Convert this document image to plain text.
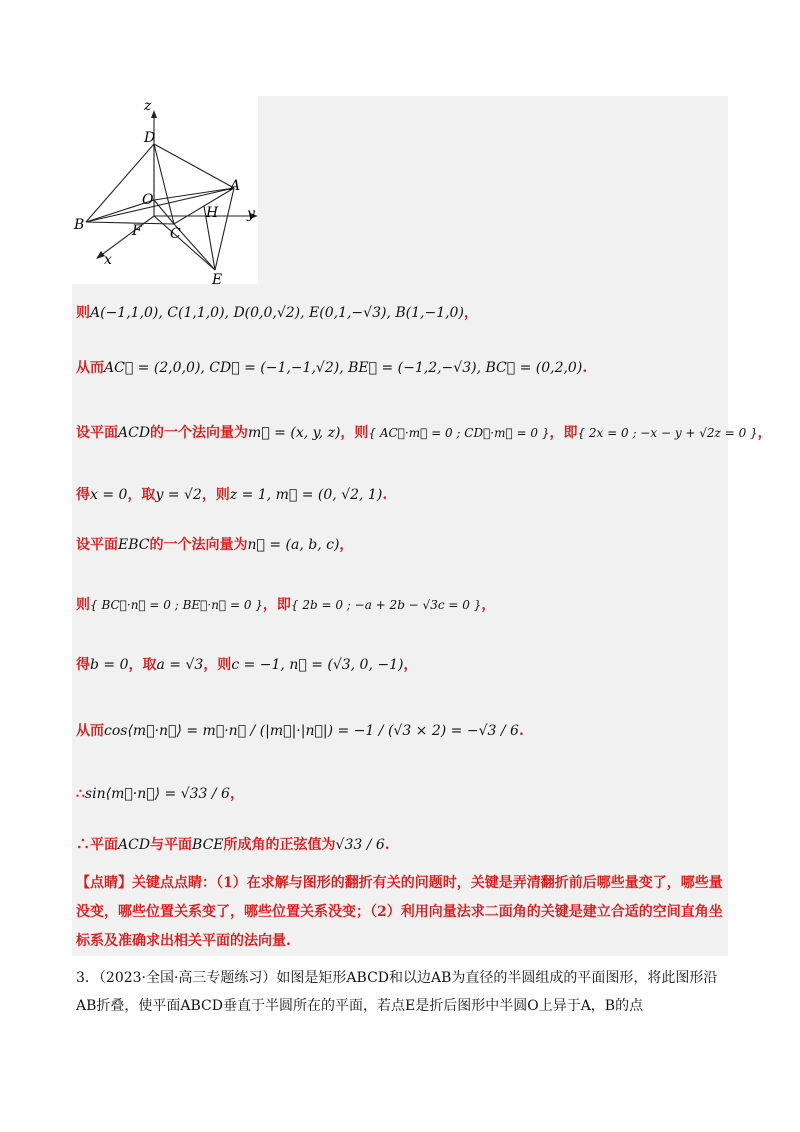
z
D
A
O
H y
B	F C
x
E
则A(−1,1,0), C(1,1,0), D(0,0,√2), E(0,1,−√3), B(1,−1,0)，
从而AC⃗ = (2,0,0), CD⃗ = (−1,−1,√2), BE⃗ = (−1,2,−√3), BC⃗ = (0,2,0).
设平面ACD的一个法向量为m⃗ = (x, y, z)，则{ AC⃗·m⃗ = 0 ; CD⃗·m⃗ = 0 }，即{ 2x = 0 ; −x − y + √2z = 0 }，
得x = 0，取y = √2，则z = 1, m⃗ = (0, √2, 1).
设平面EBC的一个法向量为n⃗ = (a, b, c)，
则{ BC⃗·n⃗ = 0 ; BE⃗·n⃗ = 0 }，即{ 2b = 0 ; −a + 2b − √3c = 0 }，
得b = 0，取a = √3，则c = −1, n⃗ = (√3, 0, −1)，
从而cos⟨m⃗·n⃗⟩ = m⃗·n⃗ / (|m⃗|·|n⃗|) = −1 / (√3 × 2) = −√3 / 6.
∴sin⟨m⃗·n⃗⟩ = √33 / 6，
∴平面ACD与平面BCE所成角的正弦值为√33 / 6.
【点睛】关键点点睛：（1）在求解与图形的翻折有关的问题时，关键是弄清翻折前后哪些量变了，哪些量没变，哪些位置关系变了，哪些位置关系没变；（2）利用向量法求二面角的关键是建立合适的空间直角坐标系及准确求出相关平面的法向量.
3．（2023·全国·高三专题练习）如图是矩形ABCD和以边AB为直径的半圆组成的平面图形，将此图形沿AB折叠，使平面ABCD垂直于半圆所在的平面，若点E是折后图形中半圆O上异于A，B的点
